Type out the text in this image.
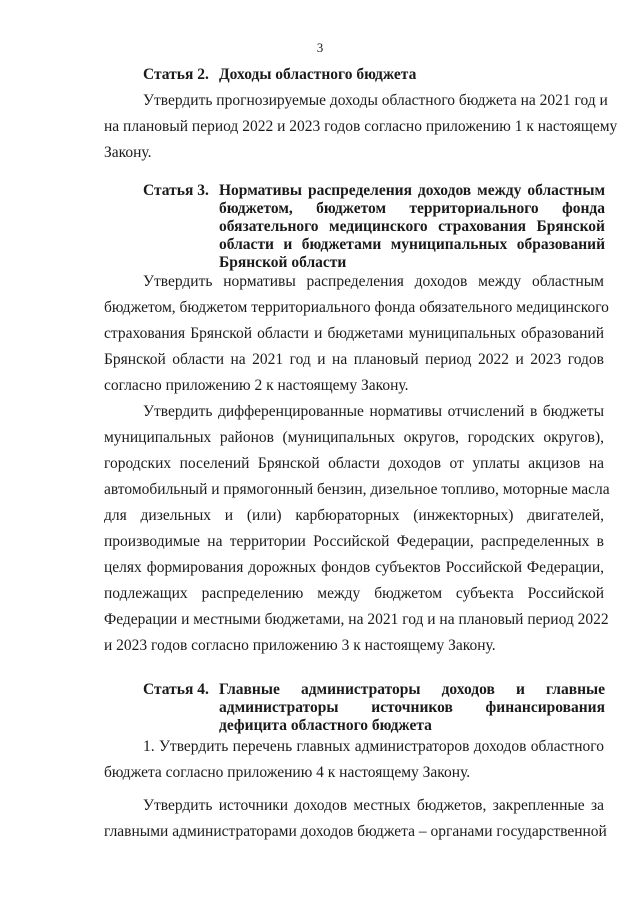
3
Статья 2. Доходы областного бюджета
Утвердить прогнозируемые доходы областного бюджета на 2021 год и
на плановый период 2022 и 2023 годов согласно приложению 1 к настоящему
Закону.
Статья 3. Нормативы распределения доходов между областным
бюджетом, бюджетом территориального фонда
обязательного медицинского страхования Брянской
области и бюджетами муниципальных образований
Брянской области
Утвердить нормативы распределения доходов между областным
бюджетом, бюджетом территориального фонда обязательного медицинского
страхования Брянской области и бюджетами муниципальных образований
Брянской области на 2021 год и на плановый период 2022 и 2023 годов
согласно приложению 2 к настоящему Закону.
Утвердить дифференцированные нормативы отчислений в бюджеты
муниципальных районов (муниципальных округов, городских округов),
городских поселений Брянской области доходов от уплаты акцизов на
автомобильный и прямогонный бензин, дизельное топливо, моторные масла
для дизельных и (или) карбюраторных (инжекторных) двигателей,
производимые на территории Российской Федерации, распределенных в
целях формирования дорожных фондов субъектов Российской Федерации,
подлежащих распределению между бюджетом субъекта Российской
Федерации и местными бюджетами, на 2021 год и на плановый период 2022
и 2023 годов согласно приложению 3 к настоящему Закону.
Статья 4. Главные администраторы доходов и главные
администраторы источников финансирования
дефицита областного бюджета
1. Утвердить перечень главных администраторов доходов областного
бюджета согласно приложению 4 к настоящему Закону.
Утвердить источники доходов местных бюджетов, закрепленные за
главными администраторами доходов бюджета – органами государственной
